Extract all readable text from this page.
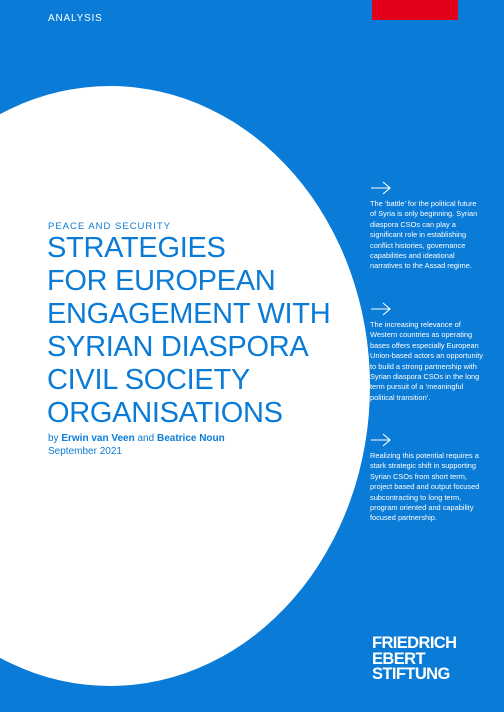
ANALYSIS
PEACE AND SECURITY
STRATEGIES
FOR EUROPEAN
ENGAGEMENT WITH
SYRIAN DIASPORA
CIVIL SOCIETY
ORGANISATIONS
by Erwin van Veen and Beatrice Noun
September 2021

The ‘battle’ for the political future of Syria is only beginning. Syrian diaspora CSOs can play a significant role in establishing conflict histories, governance capabilities and ideational narratives to the Assad regime.

The increasing relevance of Western countries as operating bases offers especially European Union-based actors an opportunity to build a strong partnership with Syrian diaspora CSOs in the long term pursuit of a ‘meaningful political transition’.

Realizing this potential requires a stark strategic shift in supporting Syrian CSOs from short term, project based and output focused subcontracting to long term, program oriented and capability focused partnership.

FRIEDRICH
EBERT
STIFTUNG
